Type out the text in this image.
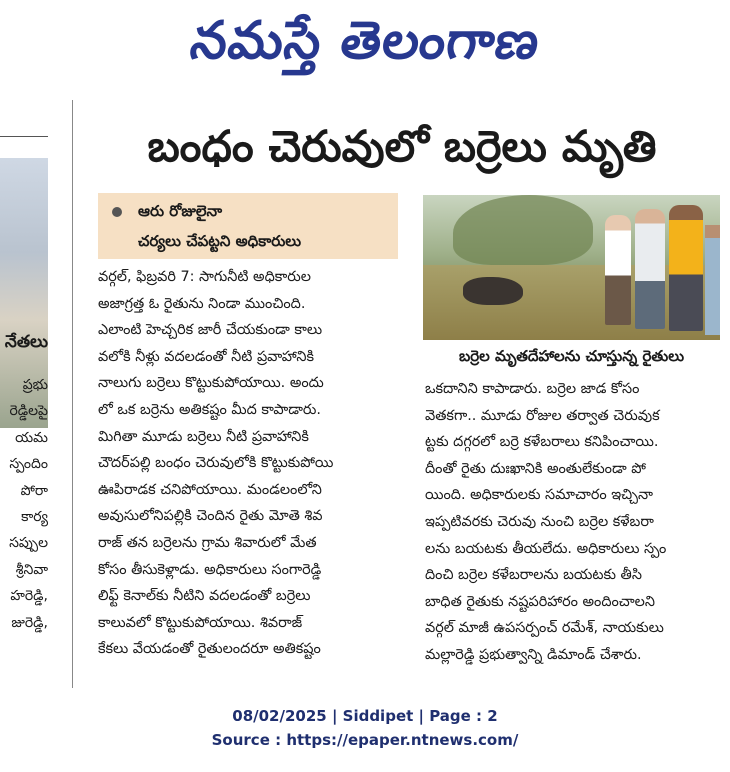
నమస్తే తెలంగాణ
నేతలు
ప్రభు
రెడ్డిలపై
యమ
స్పందిం
పోరా
కార్య
సప్పుల
శ్రీనివా
హరెడ్డి,
జురెడ్డి,
బంధం చెరువులో బర్రెలు మృతి
ఆరు రోజులైనా
చర్యలు చేపట్టని అధికారులు
వర్గల్, ఫిబ్రవరి 7: సాగునీటి అధికారుల
అజాగ్రత్త ఓ రైతును నిండా ముంచింది.
ఎలాంటి హెచ్చరిక జారీ చేయకుండా కాలు
వలోకి నీళ్లు వదలడంతో నీటి ప్రవాహానికి
నాలుగు బర్రెలు కొట్టుకుపోయాయి. అందు
లో ఒక బర్రెను అతికష్టం మీద కాపాడారు.
మిగితా మూడు బర్రెలు నీటి ప్రవాహానికి
చౌదర్‌పల్లి బంధం చెరువులోకి కొట్టుకుపోయి
ఊపిరాడక చనిపోయాయి. మండలంలోని
అవుసులోనిపల్లికి చెందిన రైతు మోతె శివ
రాజ్ తన బర్రెలను గ్రామ శివారులో మేత
కోసం తీసుకెళ్లాడు. అధికారులు సంగారెడ్డి
లిఫ్ట్ కెనాల్‌కు నీటిని వదలడంతో బర్రెలు
కాలువలో కొట్టుకుపోయాయి. శివరాజ్
కేకలు వేయడంతో రైతులందరూ అతికష్టం
బర్రెల మృతదేహాలను చూస్తున్న రైతులు
ఒకదానిని కాపాడారు. బర్రెల జాడ కోసం
వెతకగా.. మూడు రోజుల తర్వాత చెరువుక
ట్టకు దగ్గరలో బర్రె కళేబరాలు కనిపించాయి.
దీంతో రైతు దుఃఖానికి అంతులేకుండా పో
యింది. అధికారులకు సమాచారం ఇచ్చినా
ఇప్పటివరకు చెరువు నుంచి బర్రెల కళేబరా
లను బయటకు తీయలేదు. అధికారులు స్పం
దించి బర్రెల కళేబరాలను బయటకు తీసి
బాధిత రైతుకు నష్టపరిహారం అందించాలని
వర్గల్ మాజీ ఉపసర్పంచ్ రమేశ్, నాయకులు
మల్లారెడ్డి ప్రభుత్వాన్ని డిమాండ్ చేశారు.
08/02/2025 | Siddipet | Page : 2
Source : https://epaper.ntnews.com/
